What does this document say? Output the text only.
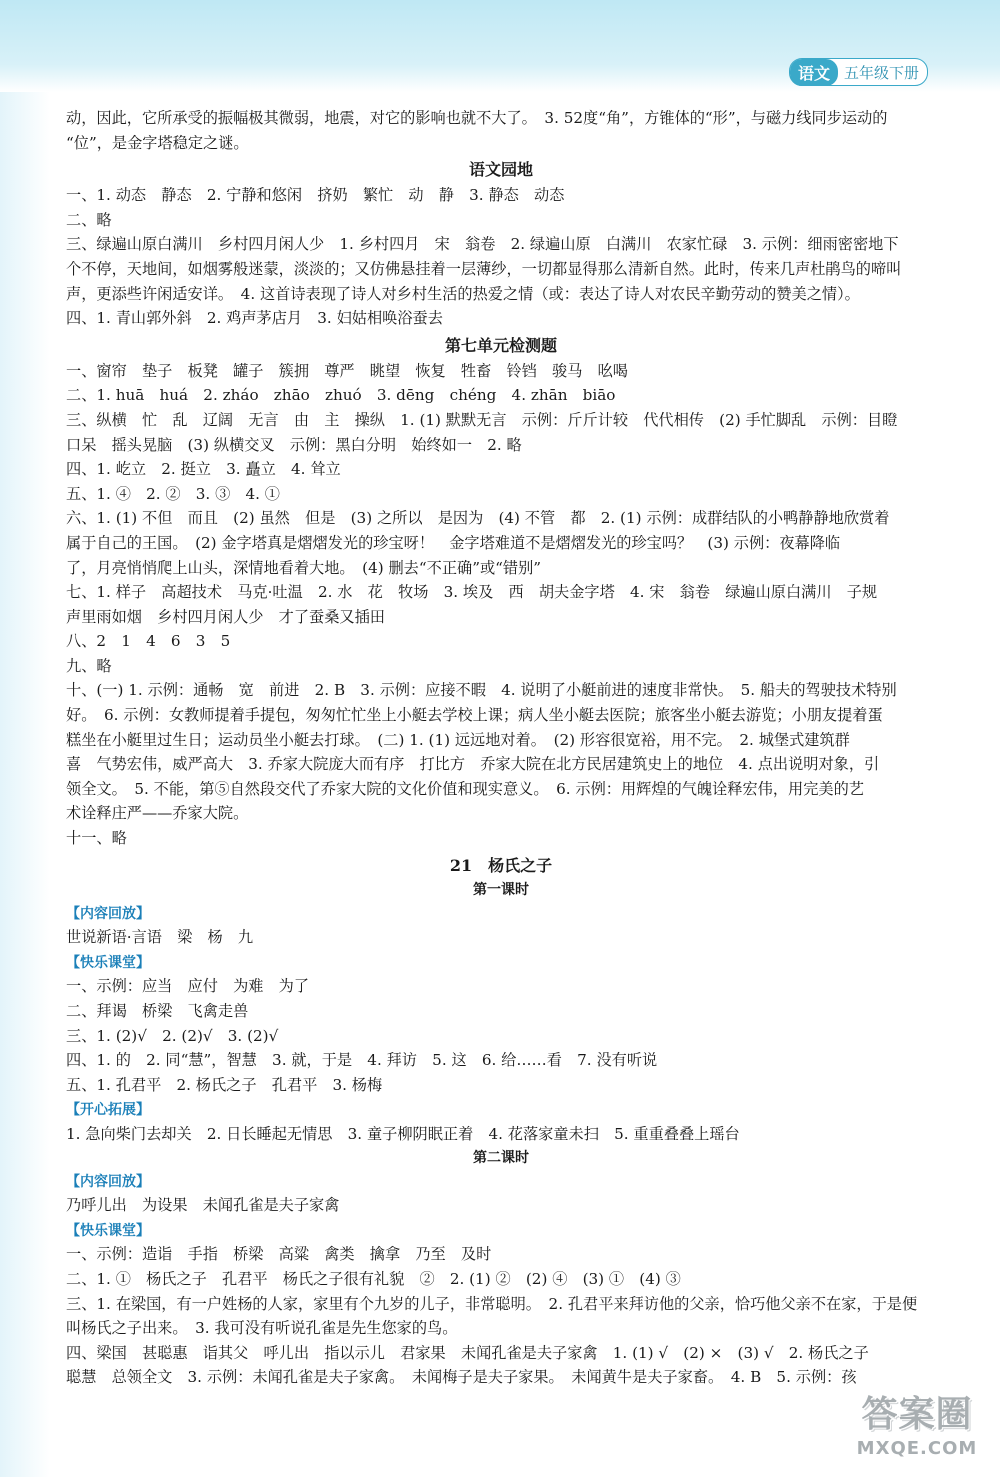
语文 五年级下册
动，因此，它所承受的振幅极其微弱，地震，对它的影响也就不大了。　3. 52度“角”，方锥体的“形”，与磁力线同步运动的
“位”，是金字塔稳定之谜。
语文园地
一、1. 动态　静态　2. 宁静和悠闲　挤奶　繁忙　动　静　3. 静态　动态
二、略
三、绿遍山原白满川　乡村四月闲人少　1. 乡村四月　宋　翁卷　2. 绿遍山原　白满川　农家忙碌　3. 示例：细雨密密地下
个不停，天地间，如烟雾般迷蒙，淡淡的；又仿佛悬挂着一层薄纱，一切都显得那么清新自然。此时，传来几声杜鹃鸟的啼叫
声，更添些许闲适安详。　4. 这首诗表现了诗人对乡村生活的热爱之情（或：表达了诗人对农民辛勤劳动的赞美之情）。
四、1. 青山郭外斜　2. 鸡声茅店月　3. 妇姑相唤浴蚕去
第七单元检测题
一、窗帘　垫子　板凳　罐子　簇拥　尊严　眺望　恢复　牲畜　铃铛　骏马　吆喝
二、1. huā　huá　2. zháo　zhāo　zhuó　3. dēng　chéng　4. zhān　biāo
三、纵横　忙　乱　辽阔　无言　由　主　操纵　1. (1) 默默无言　示例：斤斤计较　代代相传　(2) 手忙脚乱　示例：目瞪
口呆　摇头晃脑　(3) 纵横交叉　示例：黑白分明　始终如一　2. 略
四、1. 屹立　2. 挺立　3. 矗立　4. 耸立
五、1. ④　2. ②　3. ③　4. ①
六、1. (1) 不但　而且　(2) 虽然　但是　(3) 之所以　是因为　(4) 不管　都　2. (1) 示例：成群结队的小鸭静静地欣赏着
属于自己的王国。　(2) 金字塔真是熠熠发光的珍宝呀！　金字塔难道不是熠熠发光的珍宝吗？　(3) 示例：夜幕降临
了，月亮悄悄爬上山头，深情地看着大地。　(4) 删去“不正确”或“错别”
七、1. 样子　高超技术　马克·吐温　2. 水　花　牧场　3. 埃及　西　胡夫金字塔　4. 宋　翁卷　绿遍山原白满川　子规
声里雨如烟　乡村四月闲人少　才了蚕桑又插田
八、2　1　4　6　3　5
九、略
十、(一) 1. 示例：通畅　宽　前进　2. B　3. 示例：应接不暇　4. 说明了小艇前进的速度非常快。　5. 船夫的驾驶技术特别
好。　6. 示例：女教师提着手提包，匆匆忙忙坐上小艇去学校上课；病人坐小艇去医院；旅客坐小艇去游览；小朋友提着蛋
糕坐在小艇里过生日；运动员坐小艇去打球。　(二) 1. (1) 远远地对着。　(2) 形容很宽裕，用不完。　2. 城堡式建筑群
喜　气势宏伟，威严高大　3. 乔家大院庞大而有序　打比方　乔家大院在北方民居建筑史上的地位　4. 点出说明对象，引
领全文。　5. 不能，第⑤自然段交代了乔家大院的文化价值和现实意义。　6. 示例：用辉煌的气魄诠释宏伟，用完美的艺
术诠释庄严——乔家大院。
十一、略
21　杨氏之子
第一课时
【内容回放】
世说新语·言语　梁　杨　九
【快乐课堂】
一、示例：应当　应付　为难　为了
二、拜谒　桥梁　飞禽走兽
三、1. (2)√　2. (2)√　3. (2)√
四、1. 的　2. 同“慧”，智慧　3. 就，于是　4. 拜访　5. 这　6. 给……看　7. 没有听说
五、1. 孔君平　2. 杨氏之子　孔君平　3. 杨梅
【开心拓展】
1. 急向柴门去却关　2. 日长睡起无情思　3. 童子柳阴眠正着　4. 花落家童未扫　5. 重重叠叠上瑶台
第二课时
【内容回放】
乃呼儿出　为设果　未闻孔雀是夫子家禽
【快乐课堂】
一、示例：造诣　手指　桥梁　高粱　禽类　擒拿　乃至　及时
二、1. ①　杨氏之子　孔君平　杨氏之子很有礼貌　②　2. (1) ②　(2) ④　(3) ①　(4) ③
三、1. 在梁国，有一户姓杨的人家，家里有个九岁的儿子，非常聪明。　2. 孔君平来拜访他的父亲，恰巧他父亲不在家，于是便
叫杨氏之子出来。　3. 我可没有听说孔雀是先生您家的鸟。
四、梁国　甚聪惠　诣其父　呼儿出　指以示儿　君家果　未闻孔雀是夫子家禽　1. (1) √　(2) ×　(3) √　2. 杨氏之子
聪慧　总领全文　3. 示例：未闻孔雀是夫子家禽。　未闻梅子是夫子家果。　未闻黄牛是夫子家畜。　4. B　5. 示例：孩
答案圈
MXQE.COM
